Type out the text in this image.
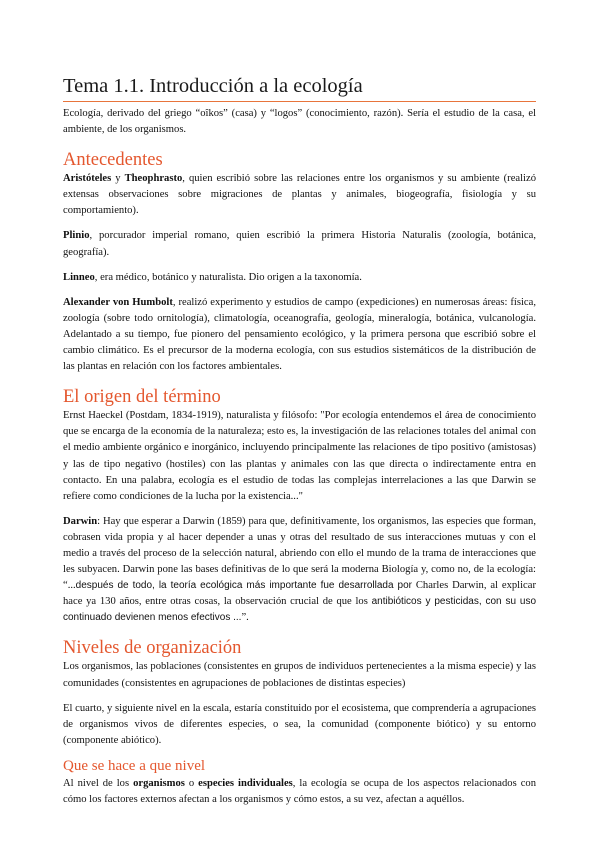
Tema 1.1. Introducción a la ecología

Ecología, derivado del griego “oîkos” (casa) y “logos” (conocimiento, razón). Sería el estudio de la casa, el ambiente, de los organismos.

Antecedentes

Aristóteles y Theophrasto, quien escribió sobre las relaciones entre los organismos y su ambiente (realizó extensas observaciones sobre migraciones de plantas y animales, biogeografía, fisiología y su comportamiento).

Plinio, porcurador imperial romano, quien escribió la primera Historia Naturalis (zoología, botánica, geografía).

Linneo, era médico, botánico y naturalista. Dio origen a la taxonomía.

Alexander von Humbolt, realizó experimento y estudios de campo (expediciones) en numerosas áreas: física, zoología (sobre todo ornitología), climatología, oceanografía, geología, mineralogía, botánica, vulcanología. Adelantado a su tiempo, fue pionero del pensamiento ecológico, y la primera persona que escribió sobre el cambio climático. Es el precursor de la moderna ecología, con sus estudios sistemáticos de la distribución de las plantas en relación con los factores ambientales.

El origen del término

Ernst Haeckel (Postdam, 1834-1919), naturalista y filósofo: "Por ecología entendemos el área de conocimiento que se encarga de la economía de la naturaleza; esto es, la investigación de las relaciones totales del animal con el medio ambiente orgánico e inorgánico, incluyendo principalmente las relaciones de tipo positivo (amistosas) y las de tipo negativo (hostiles) con las plantas y animales con las que directa o indirectamente entra en contacto. En una palabra, ecología es el estudio de todas las complejas interrelaciones a las que Darwin se refiere como condiciones de la lucha por la existencia..."

Darwin: Hay que esperar a Darwin (1859) para que, definitivamente, los organismos, las especies que forman, cobrasen vida propia y al hacer depender a unas y otras del resultado de sus interacciones mutuas y con el medio a través del proceso de la selección natural, abriendo con ello el mundo de la trama de interacciones que les subyacen. Darwin pone las bases definitivas de lo que será la moderna Biología y, como no, de la ecología: “...después de todo, la teoría ecológica más importante fue desarrollada por Charles Darwin, al explicar hace ya 130 años, entre otras cosas, la observación crucial de que los antibióticos y pesticidas, con su uso continuado devienen menos efectivos ...”.

Niveles de organización

Los organismos, las poblaciones (consistentes en grupos de individuos pertenecientes a la misma especie) y las comunidades (consistentes en agrupaciones de poblaciones de distintas especies)

El cuarto, y siguiente nivel en la escala, estaría constituido por el ecosistema, que comprendería a agrupaciones de organismos vivos de diferentes especies, o sea, la comunidad (componente biótico) y su entorno (componente abiótico).

Que se hace a que nivel

Al nivel de los organismos o especies individuales, la ecología se ocupa de los aspectos relacionados con cómo los factores externos afectan a los organismos y cómo estos, a su vez, afectan a aquéllos.
